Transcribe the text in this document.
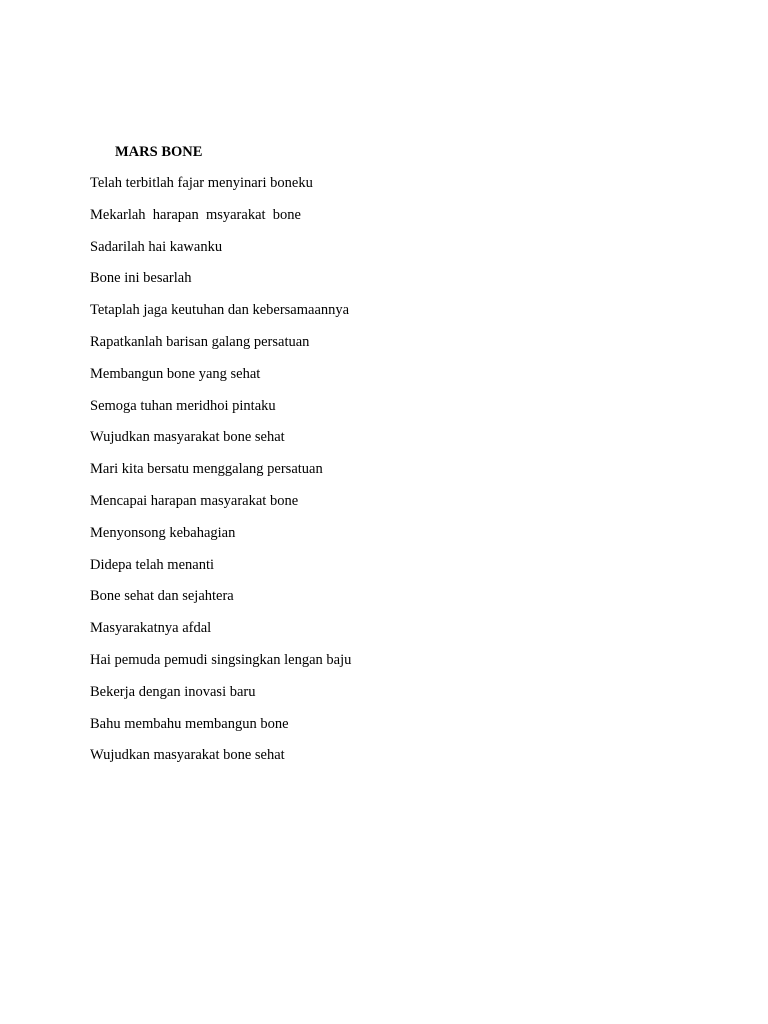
MARS BONE
Telah terbitlah fajar menyinari boneku
Mekarlah  harapan  msyarakat  bone
Sadarilah hai kawanku
Bone ini besarlah
Tetaplah jaga keutuhan dan kebersamaannya
Rapatkanlah barisan galang persatuan
Membangun bone yang sehat
Semoga tuhan meridhoi pintaku
Wujudkan masyarakat bone sehat
Mari kita bersatu menggalang persatuan
Mencapai harapan masyarakat bone
Menyonsong kebahagian
Didepa telah menanti
Bone sehat dan sejahtera
Masyarakatnya afdal
Hai pemuda pemudi singsingkan lengan baju
Bekerja dengan inovasi baru
Bahu membahu membangun bone
Wujudkan masyarakat bone sehat
